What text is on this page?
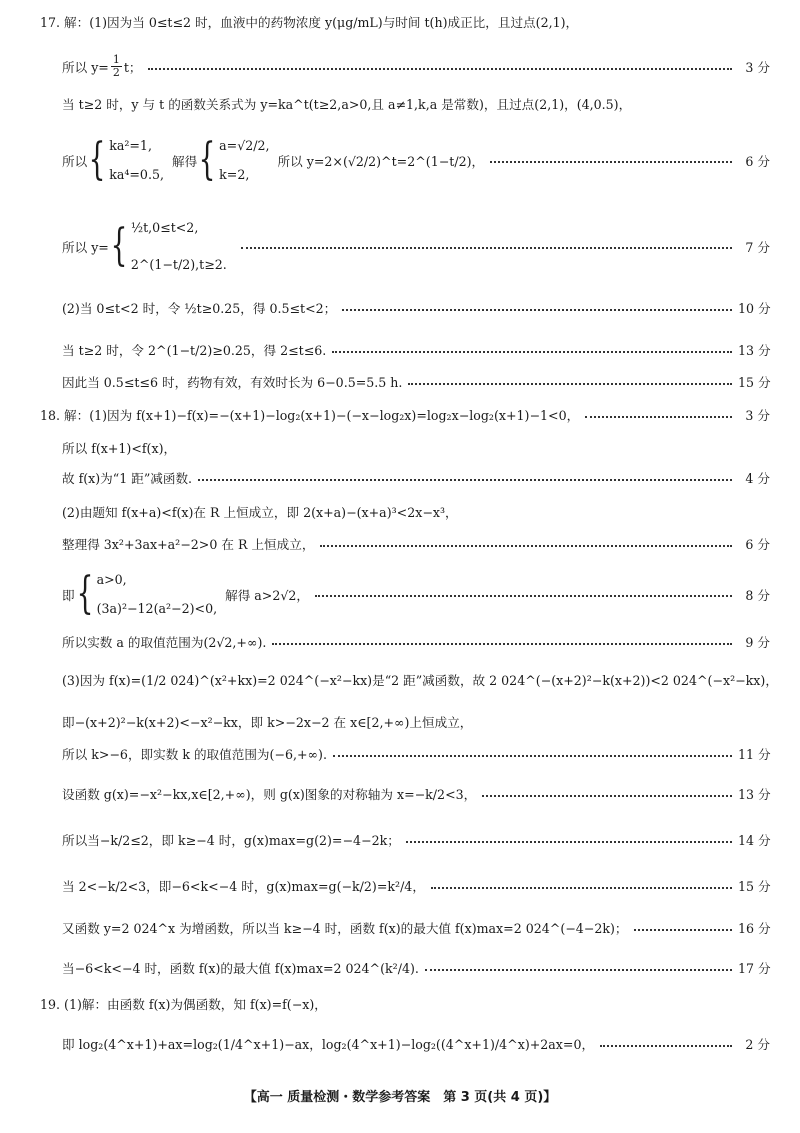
17. 解：(1)因为当 0≤t≤2 时，血液中的药物浓度 y(μg/mL)与时间 t(h)成正比，且过点(2,1)，
所以 $y= \frac{1}{2}$ t；	3 分
当 t≥2 时，y 与 t 的函数关系式为 y=ka^t(t≥2,a>0,且 a≠1,k,a 是常数)，且过点(2,1)，(4,0.5)，
所以 { ka²=1,
ka⁴=0.5,
解得 { a=√2/2,
k=2,
所以 y=2×(√2/2)^t=2^(1−t/2)，	6 分
所以 y= { ½t,0≤t<2,
2^(1−t/2),t≥2.
7 分
(2)当 0≤t<2 时，令 ½t≥0.25，得 0.5≤t<2；	10 分
当 t≥2 时，令 2^(1−t/2)≥0.25，得 2≤t≤6.	13 分
因此当 0.5≤t≤6 时，药物有效，有效时长为 6−0.5=5.5 h.	15 分
18. 解：(1)因为 f(x+1)−f(x)=−(x+1)−log₂(x+1)−(−x−log₂x)=log₂x−log₂(x+1)−1<0，	3 分
所以 f(x+1)<f(x)，
故 f(x)为“1 距”减函数.	4 分
(2)由题知 f(x+a)<f(x)在 R 上恒成立，即 2(x+a)−(x+a)³<2x−x³，
整理得 3x²+3ax+a²−2>0 在 R 上恒成立，	6 分
即 { a>0,
(3a)²−12(a²−2)<0,
解得 a>2√2，	8 分
所以实数 a 的取值范围为(2√2,+∞).	9 分
(3)因为 f(x)=(1/2 024)^(x²+kx)=2 024^(−x²−kx)是“2 距”减函数，故 2 024^(−(x+2)²−k(x+2))<2 024^(−x²−kx)，
即−(x+2)²−k(x+2)<−x²−kx，即 k>−2x−2 在 x∈[2,+∞)上恒成立，
所以 k>−6，即实数 k 的取值范围为(−6,+∞).	11 分
设函数 g(x)=−x²−kx,x∈[2,+∞)，则 g(x)图象的对称轴为 x=−k/2<3，	13 分
所以当−k/2≤2，即 k≥−4 时，g(x)max=g(2)=−4−2k；	14 分
当 2<−k/2<3，即−6<k<−4 时，g(x)max=g(−k/2)=k²/4，	15 分
又函数 y=2 024^x 为增函数，所以当 k≥−4 时，函数 f(x)的最大值 f(x)max=2 024^(−4−2k)；	16 分
当−6<k<−4 时，函数 f(x)的最大值 f(x)max=2 024^(k²/4).	17 分
19. (1)解：由函数 f(x)为偶函数，知 f(x)=f(−x)，
即 log₂(4^x+1)+ax=log₂(1/4^x+1)−ax，log₂(4^x+1)−log₂((4^x+1)/4^x)+2ax=0，	2 分
【高一 质量检测・数学参考答案　第 3 页(共 4 页)】
